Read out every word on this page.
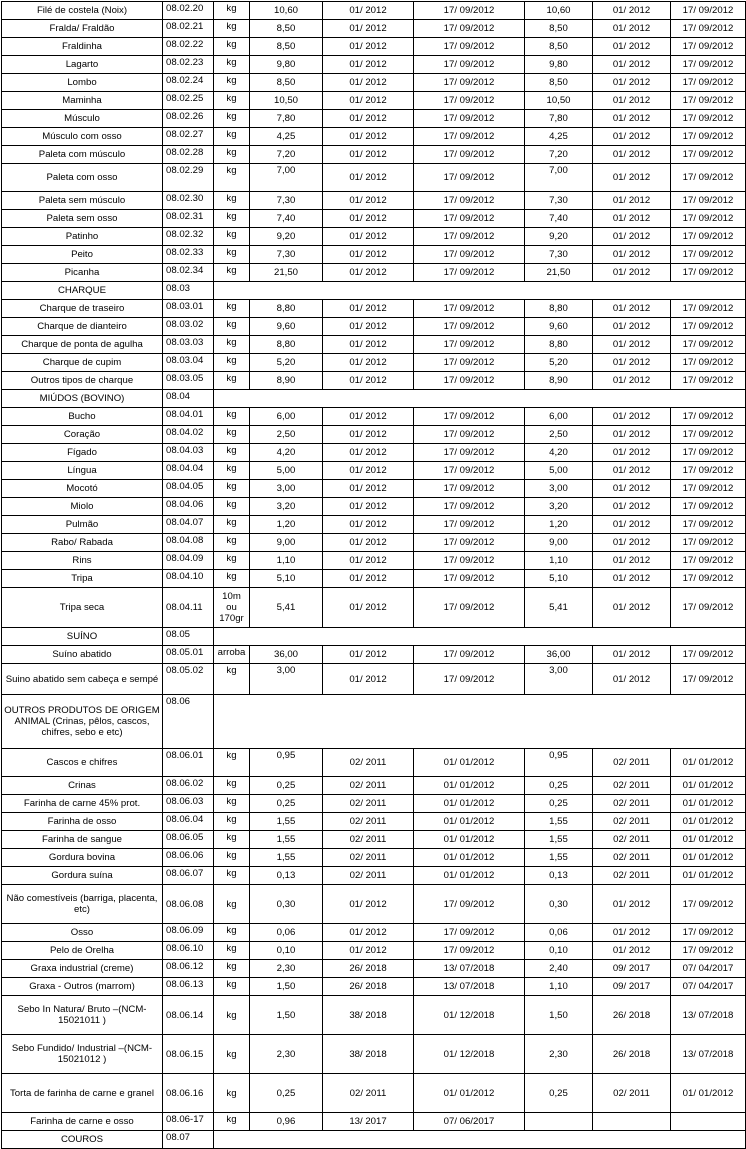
Filé de costela (Noix)	08.02.20	kg	10,60	01/ 2012	17/ 09/2012	10,60	01/ 2012	17/ 09/2012
Fralda/ Fraldão	08.02.21	kg	8,50	01/ 2012	17/ 09/2012	8,50	01/ 2012	17/ 09/2012
Fraldinha	08.02.22	kg	8,50	01/ 2012	17/ 09/2012	8,50	01/ 2012	17/ 09/2012
Lagarto	08.02.23	kg	9,80	01/ 2012	17/ 09/2012	9,80	01/ 2012	17/ 09/2012
Lombo	08.02.24	kg	8,50	01/ 2012	17/ 09/2012	8,50	01/ 2012	17/ 09/2012
Maminha	08.02.25	kg	10,50	01/ 2012	17/ 09/2012	10,50	01/ 2012	17/ 09/2012
Músculo	08.02.26	kg	7,80	01/ 2012	17/ 09/2012	7,80	01/ 2012	17/ 09/2012
Músculo com osso	08.02.27	kg	4,25	01/ 2012	17/ 09/2012	4,25	01/ 2012	17/ 09/2012
Paleta com músculo	08.02.28	kg	7,20	01/ 2012	17/ 09/2012	7,20	01/ 2012	17/ 09/2012
Paleta com osso	08.02.29	kg	7,00	01/ 2012	17/ 09/2012	7,00	01/ 2012	17/ 09/2012
Paleta sem músculo	08.02.30	kg	7,30	01/ 2012	17/ 09/2012	7,30	01/ 2012	17/ 09/2012
Paleta sem osso	08.02.31	kg	7,40	01/ 2012	17/ 09/2012	7,40	01/ 2012	17/ 09/2012
Patinho	08.02.32	kg	9,20	01/ 2012	17/ 09/2012	9,20	01/ 2012	17/ 09/2012
Peito	08.02.33	kg	7,30	01/ 2012	17/ 09/2012	7,30	01/ 2012	17/ 09/2012
Picanha	08.02.34	kg	21,50	01/ 2012	17/ 09/2012	21,50	01/ 2012	17/ 09/2012
CHARQUE	08.03							
Charque de traseiro	08.03.01	kg	8,80	01/ 2012	17/ 09/2012	8,80	01/ 2012	17/ 09/2012
Charque de dianteiro	08.03.02	kg	9,60	01/ 2012	17/ 09/2012	9,60	01/ 2012	17/ 09/2012
Charque de ponta de agulha	08.03.03	kg	8,80	01/ 2012	17/ 09/2012	8,80	01/ 2012	17/ 09/2012
Charque de cupim	08.03.04	kg	5,20	01/ 2012	17/ 09/2012	5,20	01/ 2012	17/ 09/2012
Outros tipos de charque	08.03.05	kg	8,90	01/ 2012	17/ 09/2012	8,90	01/ 2012	17/ 09/2012
MIÚDOS (BOVINO)	08.04							
Bucho	08.04.01	kg	6,00	01/ 2012	17/ 09/2012	6,00	01/ 2012	17/ 09/2012
Coração	08.04.02	kg	2,50	01/ 2012	17/ 09/2012	2,50	01/ 2012	17/ 09/2012
Fígado	08.04.03	kg	4,20	01/ 2012	17/ 09/2012	4,20	01/ 2012	17/ 09/2012
Língua	08.04.04	kg	5,00	01/ 2012	17/ 09/2012	5,00	01/ 2012	17/ 09/2012
Mocotó	08.04.05	kg	3,00	01/ 2012	17/ 09/2012	3,00	01/ 2012	17/ 09/2012
Miolo	08.04.06	kg	3,20	01/ 2012	17/ 09/2012	3,20	01/ 2012	17/ 09/2012
Pulmão	08.04.07	kg	1,20	01/ 2012	17/ 09/2012	1,20	01/ 2012	17/ 09/2012
Rabo/ Rabada	08.04.08	kg	9,00	01/ 2012	17/ 09/2012	9,00	01/ 2012	17/ 09/2012
Rins	08.04.09	kg	1,10	01/ 2012	17/ 09/2012	1,10	01/ 2012	17/ 09/2012
Tripa	08.04.10	kg	5,10	01/ 2012	17/ 09/2012	5,10	01/ 2012	17/ 09/2012
Tripa seca	08.04.11	10m ou 170gr	5,41	01/ 2012	17/ 09/2012	5,41	01/ 2012	17/ 09/2012
SUÍNO	08.05							
Suíno abatido	08.05.01	arroba	36,00	01/ 2012	17/ 09/2012	36,00	01/ 2012	17/ 09/2012
Suino abatido sem cabeça e sempé	08.05.02	kg	3,00	01/ 2012	17/ 09/2012	3,00	01/ 2012	17/ 09/2012
OUTROS PRODUTOS DE ORIGEM ANIMAL (Crinas, pêlos, cascos, chifres, sebo e etc)	08.06							
Cascos e chifres	08.06.01	kg	0,95	02/ 2011	01/ 01/2012	0,95	02/ 2011	01/ 01/2012
Crinas	08.06.02	kg	0,25	02/ 2011	01/ 01/2012	0,25	02/ 2011	01/ 01/2012
Farinha de carne 45% prot.	08.06.03	kg	0,25	02/ 2011	01/ 01/2012	0,25	02/ 2011	01/ 01/2012
Farinha de osso	08.06.04	kg	1,55	02/ 2011	01/ 01/2012	1,55	02/ 2011	01/ 01/2012
Farinha de sangue	08.06.05	kg	1,55	02/ 2011	01/ 01/2012	1,55	02/ 2011	01/ 01/2012
Gordura bovina	08.06.06	kg	1,55	02/ 2011	01/ 01/2012	1,55	02/ 2011	01/ 01/2012
Gordura suína	08.06.07	kg	0,13	02/ 2011	01/ 01/2012	0,13	02/ 2011	01/ 01/2012
Não comestíveis (barriga, placenta, etc)	08.06.08	kg	0,30	01/ 2012	17/ 09/2012	0,30	01/ 2012	17/ 09/2012
Osso	08.06.09	kg	0,06	01/ 2012	17/ 09/2012	0,06	01/ 2012	17/ 09/2012
Pelo de Orelha	08.06.10	kg	0,10	01/ 2012	17/ 09/2012	0,10	01/ 2012	17/ 09/2012
Graxa industrial (creme)	08.06.12	kg	2,30	26/ 2018	13/ 07/2018	2,40	09/ 2017	07/ 04/2017
Graxa - Outros (marrom)	08.06.13	kg	1,50	26/ 2018	13/ 07/2018	1,10	09/ 2017	07/ 04/2017
Sebo In Natura/ Bruto –(NCM-15021011 )	08.06.14	kg	1,50	38/ 2018	01/ 12/2018	1,50	26/ 2018	13/ 07/2018
Sebo Fundido/ Industrial –(NCM-15021012 )	08.06.15	kg	2,30	38/ 2018	01/ 12/2018	2,30	26/ 2018	13/ 07/2018
Torta de farinha de carne e granel	08.06.16	kg	0,25	02/ 2011	01/ 01/2012	0,25	02/ 2011	01/ 01/2012
Farinha de carne e osso	08.06-17	kg	0,96	13/ 2017	07/ 06/2017			
COUROS	08.07							
